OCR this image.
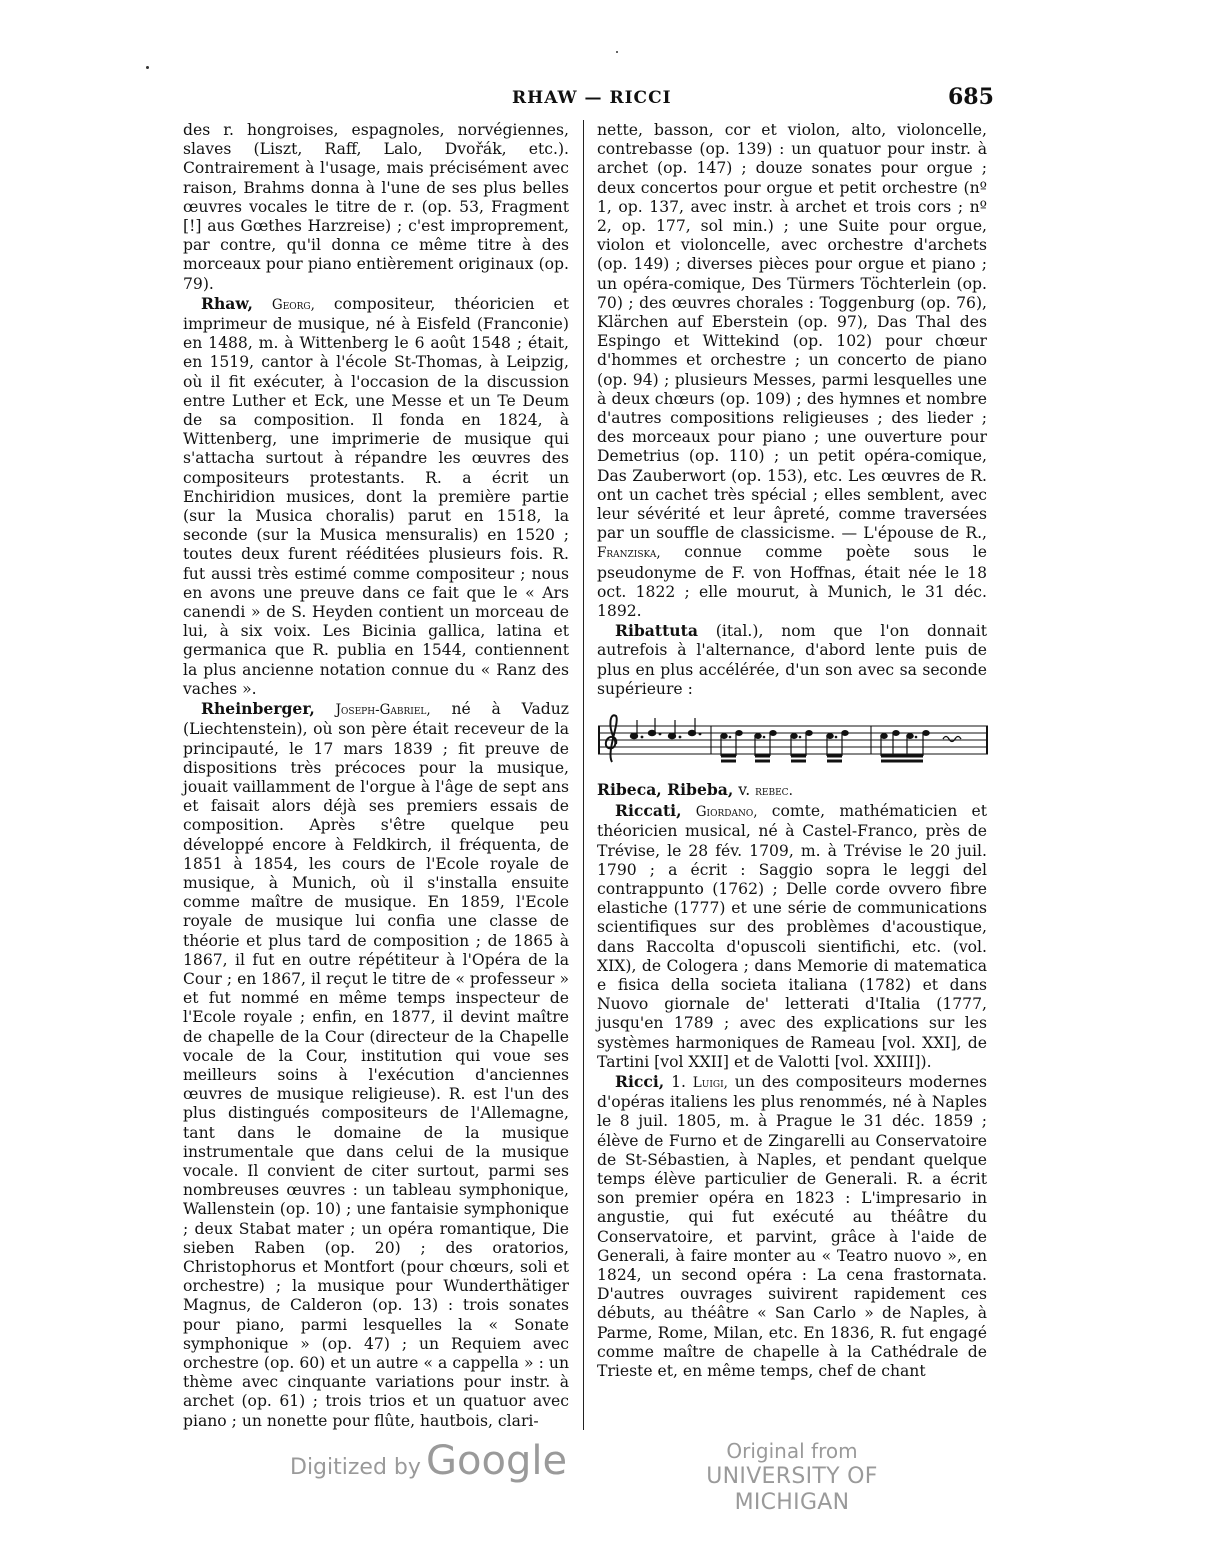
RHAW — RICCI	685

des r. hongroises, espagnoles, norvégiennes, slaves (Liszt, Raff, Lalo, Dvořák, etc.). Contrairement à l'usage, mais précisément avec raison, Brahms donna à l'une de ses plus belles œuvres vocales le titre de r. (op. 53, Fragment [!] aus Gœthes Harzreise) ; c'est improprement, par contre, qu'il donna ce même titre à des morceaux pour piano entièrement originaux (op. 79).

Rhaw, Georg, compositeur, théoricien et imprimeur de musique, né à Eisfeld (Franconie) en 1488, m. à Wittenberg le 6 août 1548 ; était, en 1519, cantor à l'école St-Thomas, à Leipzig, où il fit exécuter, à l'occasion de la discussion entre Luther et Eck, une Messe et un Te Deum de sa composition. Il fonda en 1824, à Wittenberg, une imprimerie de musique qui s'attacha surtout à répandre les œuvres des compositeurs protestants. R. a écrit un Enchiridion musices, dont la première partie (sur la Musica choralis) parut en 1518, la seconde (sur la Musica mensuralis) en 1520 ; toutes deux furent rééditées plusieurs fois. R. fut aussi très estimé comme compositeur ; nous en avons une preuve dans ce fait que le « Ars canendi » de S. Heyden contient un morceau de lui, à six voix. Les Bicinia gallica, latina et germanica que R. publia en 1544, contiennent la plus ancienne notation connue du « Ranz des vaches ».

Rheinberger, Joseph-Gabriel, né à Vaduz (Liechtenstein), où son père était receveur de la principauté, le 17 mars 1839 ; fit preuve de dispositions très précoces pour la musique, jouait vaillamment de l'orgue à l'âge de sept ans et faisait alors déjà ses premiers essais de composition. Après s'être quelque peu développé encore à Feldkirch, il fréquenta, de 1851 à 1854, les cours de l'Ecole royale de musique, à Munich, où il s'installa ensuite comme maître de musique. En 1859, l'Ecole royale de musique lui confia une classe de théorie et plus tard de composition ; de 1865 à 1867, il fut en outre répétiteur à l'Opéra de la Cour ; en 1867, il reçut le titre de « professeur » et fut nommé en même temps inspecteur de l'Ecole royale ; enfin, en 1877, il devint maître de chapelle de la Cour (directeur de la Chapelle vocale de la Cour, institution qui voue ses meilleurs soins à l'exécution d'anciennes œuvres de musique religieuse). R. est l'un des plus distingués compositeurs de l'Allemagne, tant dans le domaine de la musique instrumentale que dans celui de la musique vocale. Il convient de citer surtout, parmi ses nombreuses œuvres : un tableau symphonique, Wallenstein (op. 10) ; une fantaisie symphonique ; deux Stabat mater ; un opéra romantique, Die sieben Raben (op. 20) ; des oratorios, Christophorus et Montfort (pour chœurs, soli et orchestre) ; la musique pour Wunderthätiger Magnus, de Calderon (op. 13) : trois sonates pour piano, parmi lesquelles la « Sonate symphonique » (op. 47) ; un Requiem avec orchestre (op. 60) et un autre « a cappella » : un thème avec cinquante variations pour instr. à archet (op. 61) ; trois trios et un quatuor avec piano ; un nonette pour flûte, hautbois, clari-

nette, basson, cor et violon, alto, violoncelle, contrebasse (op. 139) : un quatuor pour instr. à archet (op. 147) ; douze sonates pour orgue ; deux concertos pour orgue et petit orchestre (nº 1, op. 137, avec instr. à archet et trois cors ; nº 2, op. 177, sol min.) ; une Suite pour orgue, violon et violoncelle, avec orchestre d'archets (op. 149) ; diverses pièces pour orgue et piano ; un opéra-comique, Des Türmers Töchterlein (op. 70) ; des œuvres chorales : Toggenburg (op. 76), Klärchen auf Eberstein (op. 97), Das Thal des Espingo et Wittekind (op. 102) pour chœur d'hommes et orchestre ; un concerto de piano (op. 94) ; plusieurs Messes, parmi lesquelles une à deux chœurs (op. 109) ; des hymnes et nombre d'autres compositions religieuses ; des lieder ; des morceaux pour piano ; une ouverture pour Demetrius (op. 110) ; un petit opéra-comique, Das Zauberwort (op. 153), etc. Les œuvres de R. ont un cachet très spécial ; elles semblent, avec leur sévérité et leur âpreté, comme traversées par un souffle de classicisme. — L'épouse de R., Franziska, connue comme poète sous le pseudonyme de F. von Hoffnas, était née le 18 oct. 1822 ; elle mourut, à Munich, le 31 déc. 1892.

Ribattuta (ital.), nom que l'on donnait autrefois à l'alternance, d'abord lente puis de plus en plus accélérée, d'un son avec sa seconde supérieure :

Ribeca, Ribeba, v. rebec.

Riccati, Giordano, comte, mathématicien et théoricien musical, né à Castel-Franco, près de Trévise, le 28 fév. 1709, m. à Trévise le 20 juil. 1790 ; a écrit : Saggio sopra le leggi del contrappunto (1762) ; Delle corde ovvero fibre elastiche (1777) et une série de communications scientifiques sur des problèmes d'acoustique, dans Raccolta d'opuscoli sientifichi, etc. (vol. XIX), de Cologera ; dans Memorie di matematica e fisica della societa italiana (1782) et dans Nuovo giornale de' letterati d'Italia (1777, jusqu'en 1789 ; avec des explications sur les systèmes harmoniques de Rameau [vol. XXI], de Tartini [vol XXII] et de Valotti [vol. XXIII]).

Ricci, 1. Luigi, un des compositeurs modernes d'opéras italiens les plus renommés, né à Naples le 8 juil. 1805, m. à Prague le 31 déc. 1859 ; élève de Furno et de Zingarelli au Conservatoire de St-Sébastien, à Naples, et pendant quelque temps élève particulier de Generali. R. a écrit son premier opéra en 1823 : L'impresario in angustie, qui fut exécuté au théâtre du Conservatoire, et parvint, grâce à l'aide de Generali, à faire monter au « Teatro nuovo », en 1824, un second opéra : La cena frastornata. D'autres ouvrages suivirent rapidement ces débuts, au théâtre « San Carlo » de Naples, à Parme, Rome, Milan, etc. En 1836, R. fut engagé comme maître de chapelle à la Cathédrale de Trieste et, en même temps, chef de chant

Digitized by Google	Original from
UNIVERSITY OF MICHIGAN
